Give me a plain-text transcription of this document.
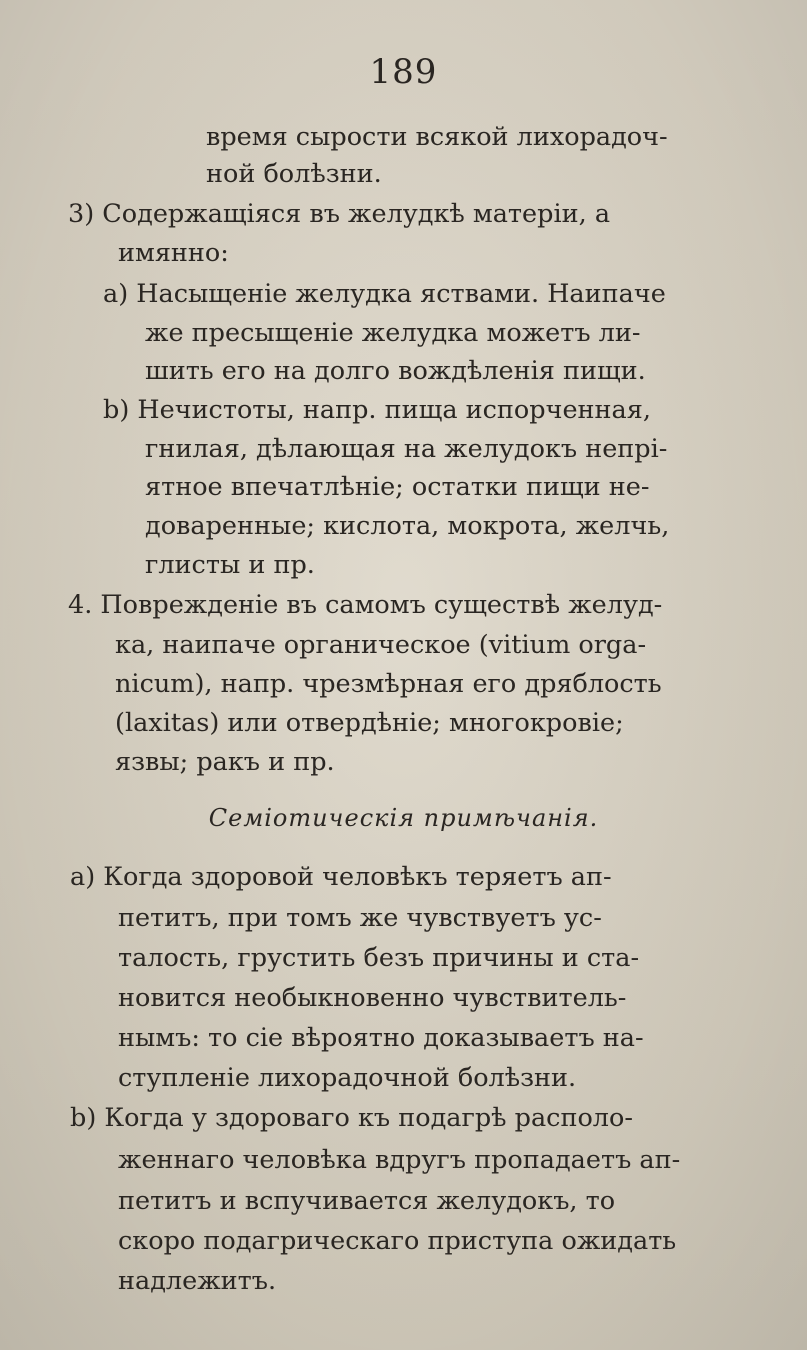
189
время сырости всякой лихорадоч-
ной болѣзни.
3) Содержащіяся въ желудкѣ матеріи, а
имянно:
a) Насыщеніе желудка яствами. Наипаче
же пресыщеніе желудка можетъ ли-
шить его на долго вождѣленія пищи.
b) Нечистоты, напр. пища испорченная,
гнилая, дѣлающая на желудокъ непрі-
ятное впечатлѣніе; остатки пищи не-
доваренные; кислота, мокрота, желчь,
глисты и пр.
4. Поврежденіе въ самомъ существѣ желуд-
ка, наипаче органическое (vitium orga-
nicum), напр. чрезмѣрная его дряблость
(laxitas) или отвердѣніе; многокровіе;
язвы; ракъ и пр.
Семіотическія примѣчанія.
a) Когда здоровой человѣкъ теряетъ ап-
петитъ, при томъ же чувствуетъ ус-
талость, грустить безъ причины и ста-
новится необыкновенно чувствитель-
нымъ: то сіе вѣроятно доказываетъ на-
ступленіе лихорадочной болѣзни.
b) Когда у здороваго къ подагрѣ располо-
женнаго человѣка вдругъ пропадаетъ ап-
петитъ и вспучивается желудокъ, то
скоро подагрическаго приступа ожидать
надлежитъ.
